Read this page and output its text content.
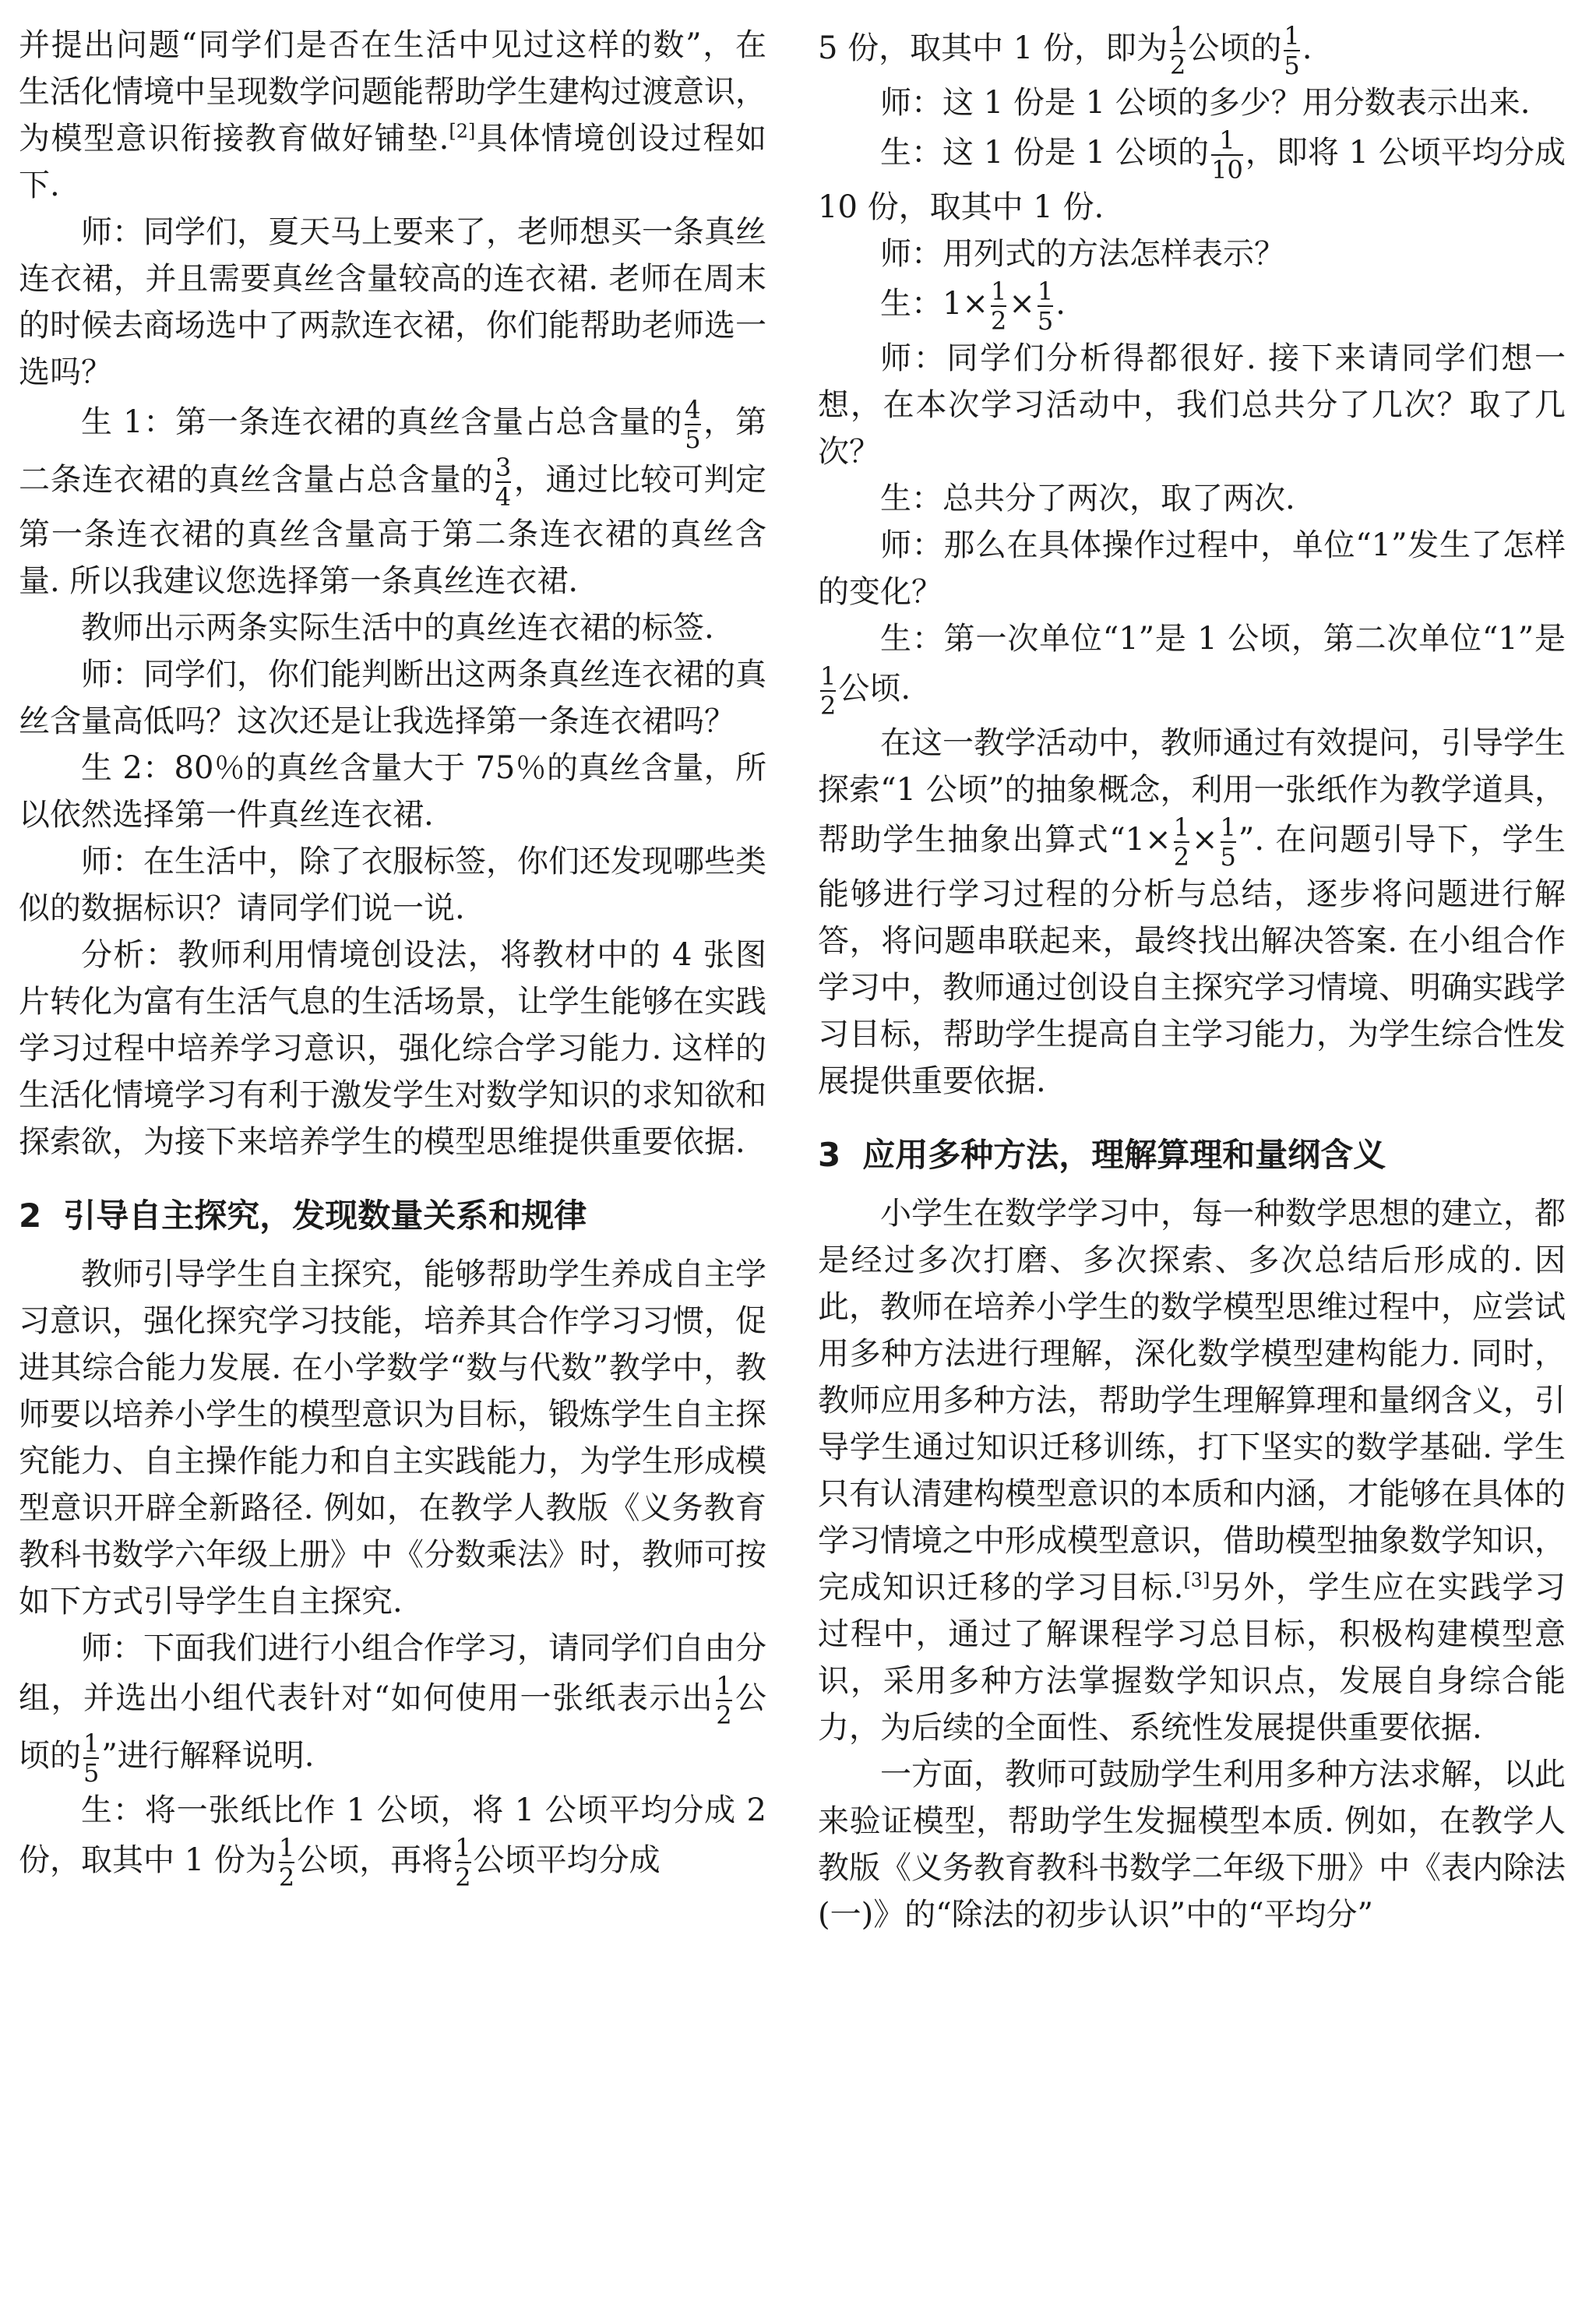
并提出问题“同学们是否在生活中见过这样的数”，在生活化情境中呈现数学问题能帮助学生建构过渡意识，为模型意识衔接教育做好铺垫.[2]具体情境创设过程如下.

师：同学们，夏天马上要来了，老师想买一条真丝连衣裙，并且需要真丝含量较高的连衣裙. 老师在周末的时候去商场选中了两款连衣裙，你们能帮助老师选一选吗？

生 1：第一条连衣裙的真丝含量占总含量的 $\frac{4}{5}$ ，第二条连衣裙的真丝含量占总含量的 $\frac{3}{4}$ ，通过比较可判定第一条连衣裙的真丝含量高于第二条连衣裙的真丝含量. 所以我建议您选择第一条真丝连衣裙.

教师出示两条实际生活中的真丝连衣裙的标签.

师：同学们，你们能判断出这两条真丝连衣裙的真丝含量高低吗？这次还是让我选择第一条连衣裙吗？

生 2：80％的真丝含量大于 75％的真丝含量，所以依然选择第一件真丝连衣裙.

师：在生活中，除了衣服标签，你们还发现哪些类似的数据标识？请同学们说一说.

分析：教师利用情境创设法，将教材中的 4 张图片转化为富有生活气息的生活场景，让学生能够在实践学习过程中培养学习意识，强化综合学习能力. 这样的生活化情境学习有利于激发学生对数学知识的求知欲和探索欲，为接下来培养学生的模型思维提供重要依据.

2 引导自主探究，发现数量关系和规律

教师引导学生自主探究，能够帮助学生养成自主学习意识，强化探究学习技能，培养其合作学习习惯，促进其综合能力发展. 在小学数学“数与代数”教学中，教师要以培养小学生的模型意识为目标，锻炼学生自主探究能力、自主操作能力和自主实践能力，为学生形成模型意识开辟全新路径. 例如，在教学人教版《义务教育教科书数学六年级上册》中《分数乘法》时，教师可按如下方式引导学生自主探究.

师：下面我们进行小组合作学习，请同学们自由分组，并选出小组代表针对“如何使用一张纸表示出 $\frac{1}{2}$ 公顷的 $\frac{1}{5}$ ”进行解释说明.

生：将一张纸比作 1 公顷，将 1 公顷平均分成 2 份，取其中 1 份为 $\frac{1}{2}$ 公顷，再将 $\frac{1}{2}$ 公顷平均分成

5 份，取其中 1 份，即为 $\frac{1}{2}$ 公顷的 $\frac{1}{5}$ .

师：这 1 份是 1 公顷的多少？用分数表示出来.

生：这 1 份是 1 公顷的 $\frac{1}{10}$ ，即将 1 公顷平均分成 10 份，取其中 1 份.

师：用列式的方法怎样表示？

生：$1\times \frac{1}{2} \times \frac{1}{5}$ .

师：同学们分析得都很好. 接下来请同学们想一想，在本次学习活动中，我们总共分了几次？取了几次？

生：总共分了两次，取了两次.

师：那么在具体操作过程中，单位“1”发生了怎样的变化？

生：第一次单位“1”是 1 公顷，第二次单位“1”是
$\frac{1}{2}$ 公顷.

在这一教学活动中，教师通过有效提问，引导学生探索“1 公顷”的抽象概念，利用一张纸作为教学道具，帮助学生抽象出算式“$1\times \frac{1}{2} \times \frac{1}{5}$ ”. 在问题引导下，学生能够进行学习过程的分析与总结，逐步将问题进行解答，将问题串联起来，最终找出解决答案. 在小组合作学习中，教师通过创设自主探究学习情境、明确实践学习目标，帮助学生提高自主学习能力，为学生综合性发展提供重要依据.

3 应用多种方法，理解算理和量纲含义

小学生在数学学习中，每一种数学思想的建立，都是经过多次打磨、多次探索、多次总结后形成的. 因此，教师在培养小学生的数学模型思维过程中，应尝试用多种方法进行理解，深化数学模型建构能力. 同时，教师应用多种方法，帮助学生理解算理和量纲含义，引导学生通过知识迁移训练，打下坚实的数学基础. 学生只有认清建构模型意识的本质和内涵，才能够在具体的学习情境之中形成模型意识，借助模型抽象数学知识，完成知识迁移的学习目标.[3]另外，学生应在实践学习过程中，通过了解课程学习总目标，积极构建模型意识，采用多种方法掌握数学知识点，发展自身综合能力，为后续的全面性、系统性发展提供重要依据.

一方面，教师可鼓励学生利用多种方法求解，以此来验证模型，帮助学生发掘模型本质. 例如，在教学人教版《义务教育教科书数学二年级下册》中《表内除法(一)》的“除法的初步认识”中的“平均分”
